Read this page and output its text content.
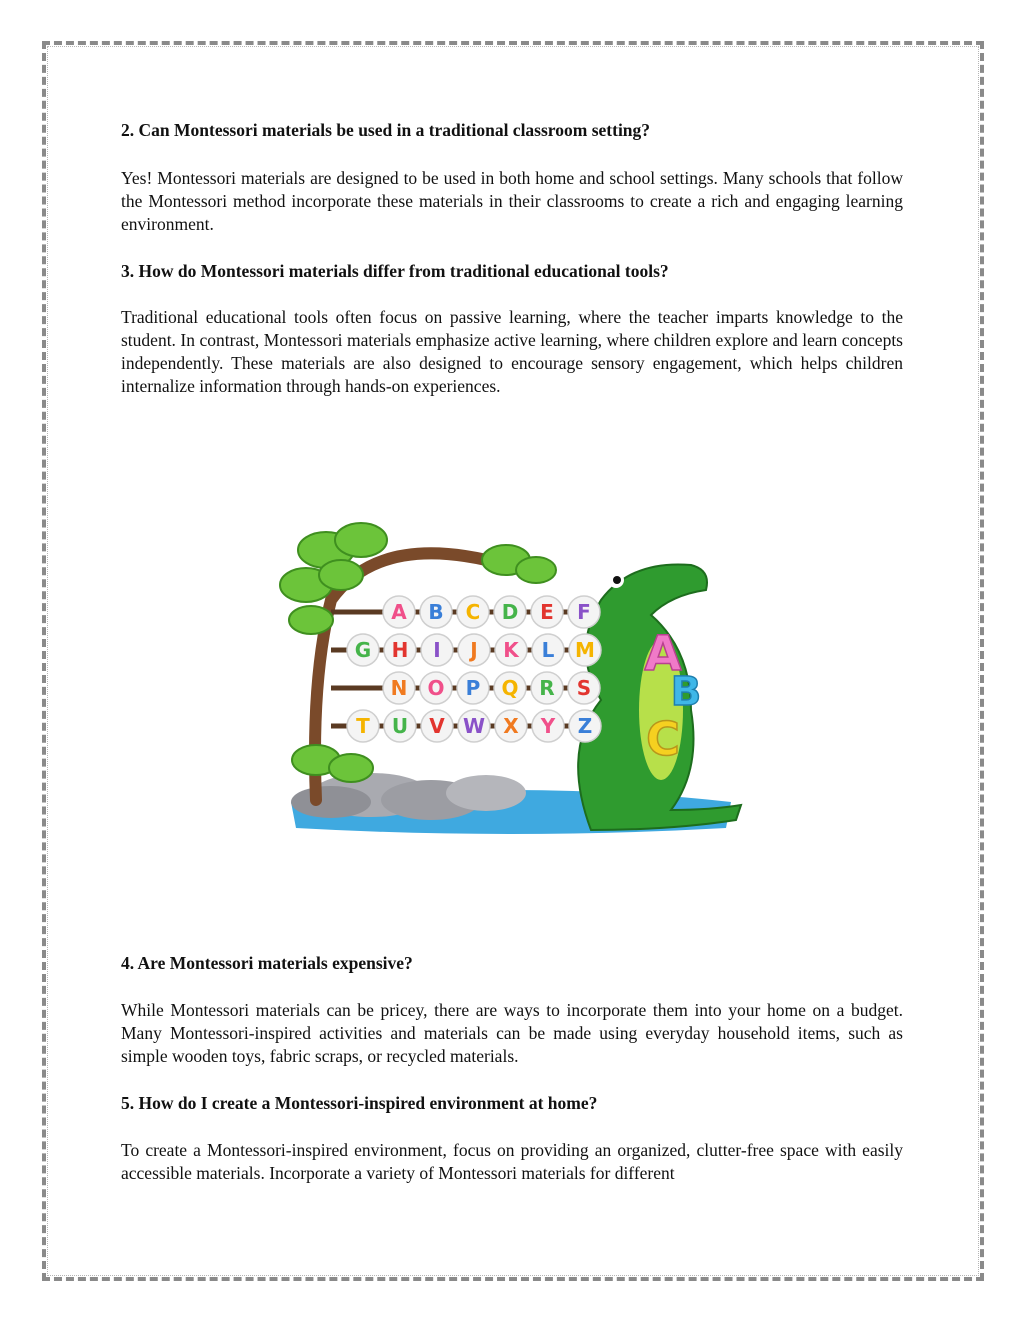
2. Can Montessori materials be used in a traditional classroom setting?

Yes! Montessori materials are designed to be used in both home and school settings. Many schools that follow the Montessori method incorporate these materials in their classrooms to create a rich and engaging learning environment.

3. How do Montessori materials differ from traditional educational tools?

Traditional educational tools often focus on passive learning, where the teacher imparts knowledge to the student. In contrast, Montessori materials emphasize active learning, where children explore and learn concepts independently. These materials are also designed to encourage sensory engagement, which helps children internalize information through hands-on experiences.

A B C D E F
G H I J K L M
N O P Q R S
T U V W X Y Z
A
B
C
4. Are Montessori materials expensive?

While Montessori materials can be pricey, there are ways to incorporate them into your home on a budget. Many Montessori-inspired activities and materials can be made using everyday household items, such as simple wooden toys, fabric scraps, or recycled materials.

5. How do I create a Montessori-inspired environment at home?

To create a Montessori-inspired environment, focus on providing an organized, clutter-free space with easily accessible materials. Incorporate a variety of Montessori materials for different
